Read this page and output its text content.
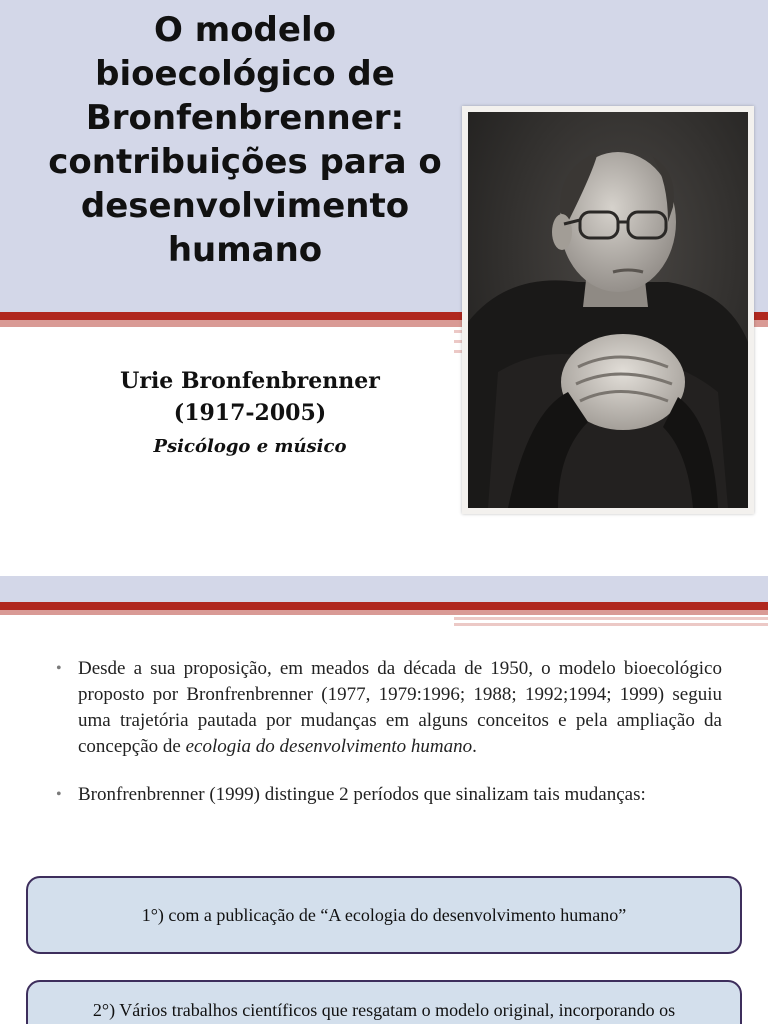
O modelo
bioecológico de
Bronfenbrenner:
contribuições para o
desenvolvimento
humano
Urie Bronfenbrenner
(1917-2005)
Psicólogo e músico
• Desde a sua proposição, em meados da década de 1950, o modelo bioecológico proposto por Bronfrenbrenner (1977, 1979:1996; 1988; 1992;1994; 1999) seguiu uma trajetória pautada por mudanças em alguns conceitos e pela ampliação da concepção de ecologia do desenvolvimento humano.
• Bronfrenbrenner (1999) distingue 2 períodos que sinalizam tais mudanças:
1°) com a publicação de “A ecologia do desenvolvimento humano”
2°) Vários trabalhos científicos que resgatam o modelo original, incorporando os
